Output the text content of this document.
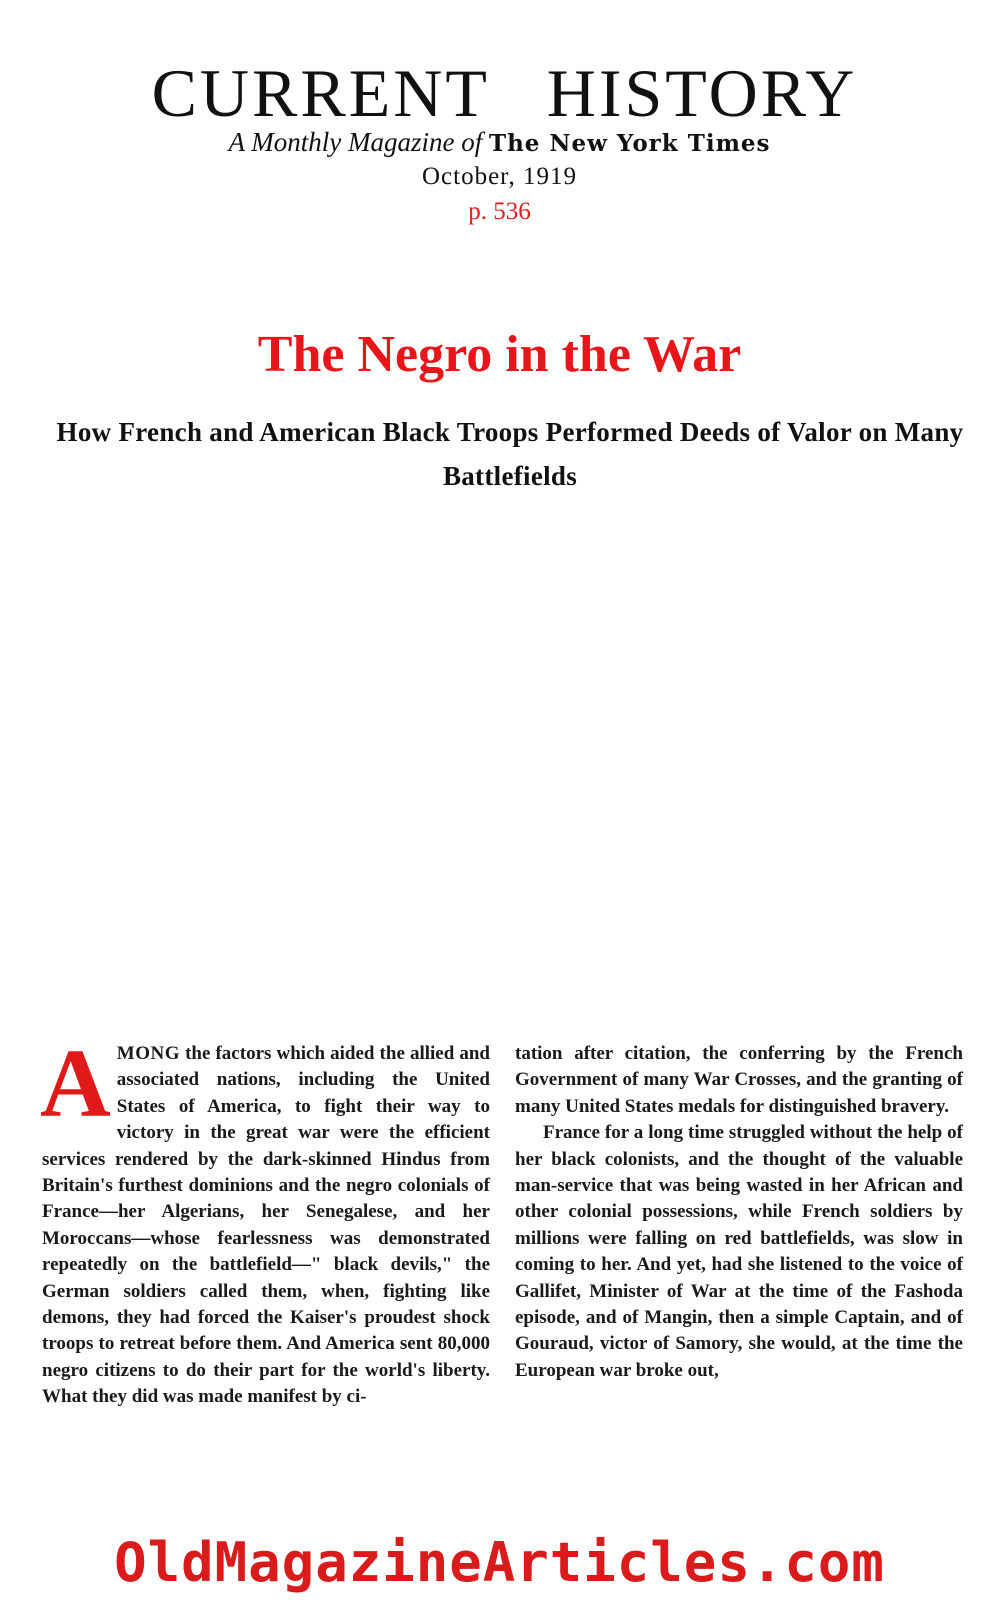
CURRENT HISTORY
A Monthly Magazine of The New York Times
October, 1919
p. 536
The Negro in the War
How French and American Black Troops Performed Deeds of Valor on Many Battlefields
AMONG the factors which aided the allied and associated nations, including the United States of America, to fight their way to victory in the great war were the efficient services rendered by the dark-skinned Hindus from Britain's furthest dominions and the negro colonials of France—her Algerians, her Senegalese, and her Moroccans—whose fearlessness was demonstrated repeatedly on the battlefield—" black devils," the German soldiers called them, when, fighting like demons, they had forced the Kaiser's proudest shock troops to retreat before them. And America sent 80,000 negro citizens to do their part for the world's liberty. What they did was made manifest by ci-
tation after citation, the conferring by the French Government of many War Crosses, and the granting of many United States medals for distinguished bravery.
France for a long time struggled without the help of her black colonists, and the thought of the valuable man-service that was being wasted in her African and other colonial possessions, while French soldiers by millions were falling on red battlefields, was slow in coming to her. And yet, had she listened to the voice of Gallifet, Minister of War at the time of the Fashoda episode, and of Mangin, then a simple Captain, and of Gouraud, victor of Samory, she would, at the time the European war broke out,
OldMagazineArticles.com
